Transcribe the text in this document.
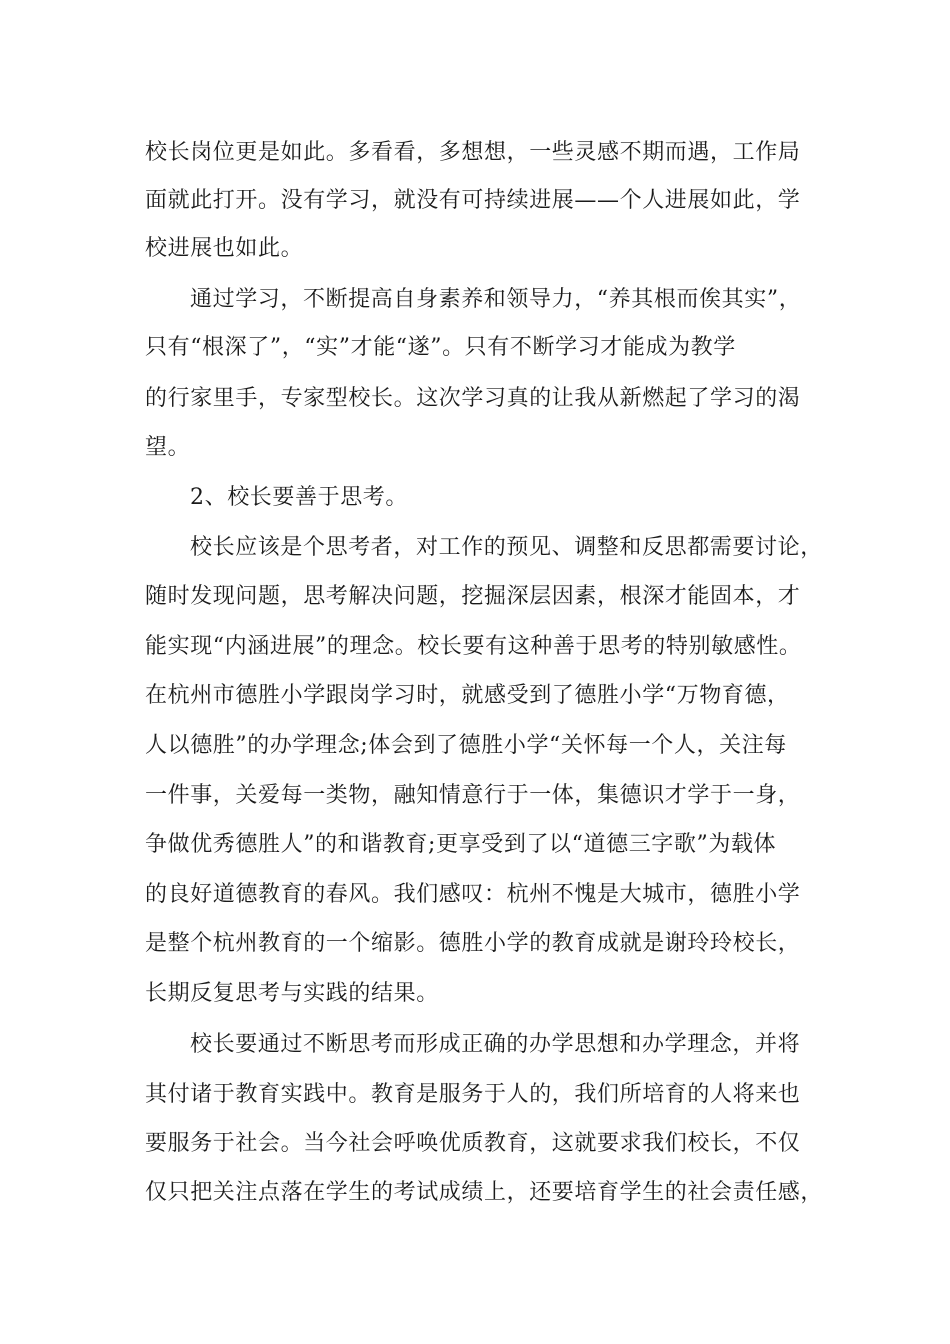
校长岗位更是如此。多看看，多想想，一些灵感不期而遇，工作局
面就此打开。没有学习，就没有可持续进展——个人进展如此，学
校进展也如此。
通过学习，不断提高自身素养和领导力，“养其根而俟其实”，
只有“根深了”，“实”才能“遂”。只有不断学习才能成为教学
的行家里手，专家型校长。这次学习真的让我从新燃起了学习的渴
望。
2、校长要善于思考。
校长应该是个思考者，对工作的预见、调整和反思都需要讨论，
随时发现问题，思考解决问题，挖掘深层因素，根深才能固本，才
能实现“内涵进展”的理念。校长要有这种善于思考的特别敏感性。
在杭州市德胜小学跟岗学习时，就感受到了德胜小学“万物育德，
人以德胜”的办学理念;体会到了德胜小学“关怀每一个人，关注每
一件事，关爱每一类物，融知情意行于一体，集德识才学于一身，
争做优秀德胜人”的和谐教育;更享受到了以“道德三字歌”为载体
的良好道德教育的春风。我们感叹：杭州不愧是大城市，德胜小学
是整个杭州教育的一个缩影。德胜小学的教育成就是谢玲玲校长，
长期反复思考与实践的结果。
校长要通过不断思考而形成正确的办学思想和办学理念，并将
其付诸于教育实践中。教育是服务于人的，我们所培育的人将来也
要服务于社会。当今社会呼唤优质教育，这就要求我们校长，不仅
仅只把关注点落在学生的考试成绩上，还要培育学生的社会责任感，
